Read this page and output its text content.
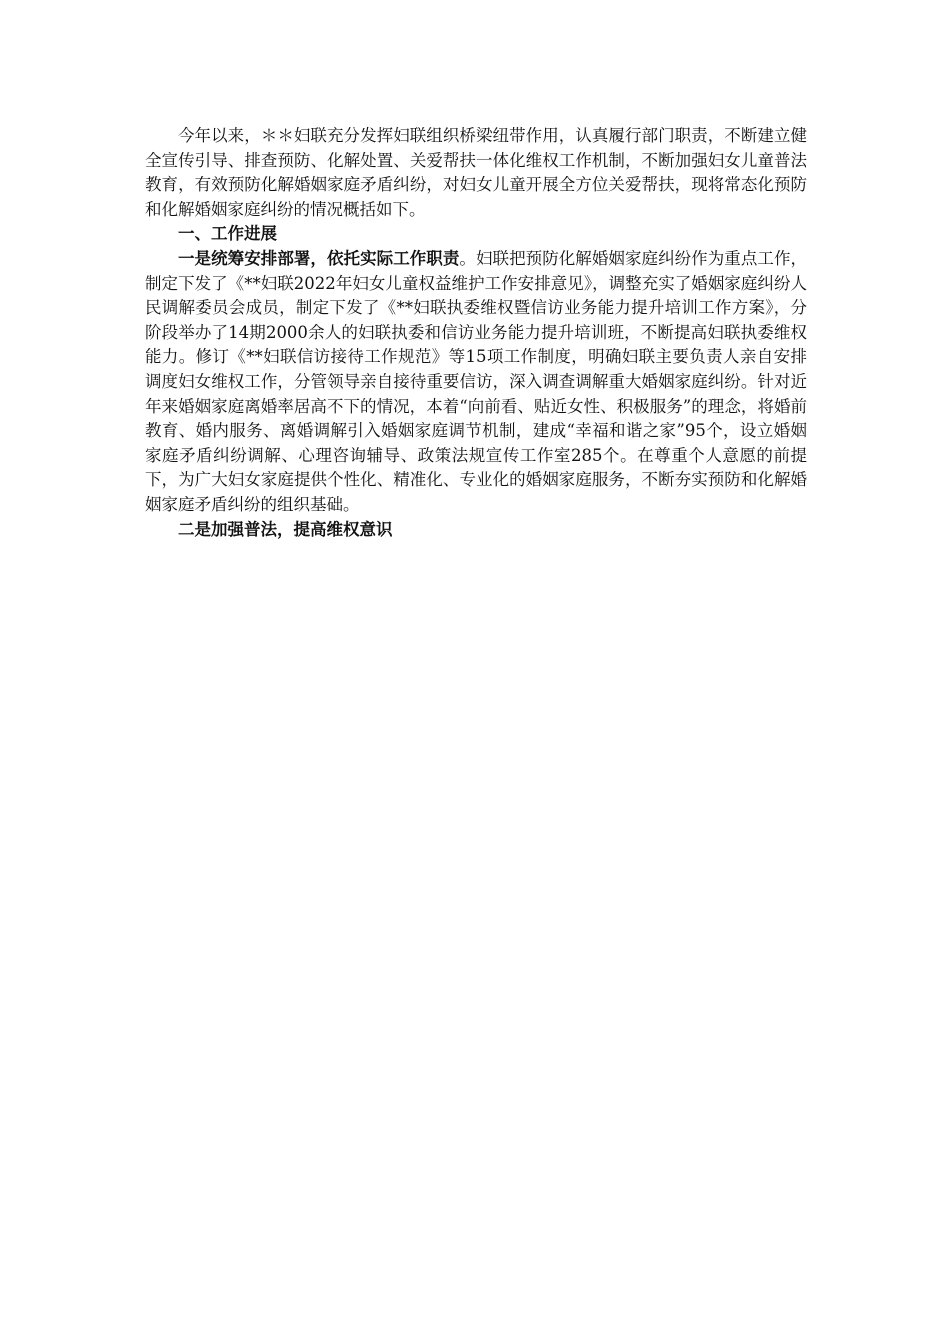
今年以来，＊＊妇联充分发挥妇联组织桥梁纽带作用，认真履行部门职责，不断建立健全宣传引导、排查预防、化解处置、关爱帮扶一体化维权工作机制，不断加强妇女儿童普法教育，有效预防化解婚姻家庭矛盾纠纷，对妇女儿童开展全方位关爱帮扶，现将常态化预防和化解婚姻家庭纠纷的情况概括如下。

一、工作进展

一是统筹安排部署，依托实际工作职责。妇联把预防化解婚姻家庭纠纷作为重点工作，制定下发了《**妇联2022年妇女儿童权益维护工作安排意见》，调整充实了婚姻家庭纠纷人民调解委员会成员，制定下发了《**妇联执委维权暨信访业务能力提升培训工作方案》，分阶段举办了14期2000余人的妇联执委和信访业务能力提升培训班，不断提高妇联执委维权能力。修订《**妇联信访接待工作规范》等15项工作制度，明确妇联主要负责人亲自安排调度妇女维权工作，分管领导亲自接待重要信访，深入调查调解重大婚姻家庭纠纷。针对近年来婚姻家庭离婚率居高不下的情况，本着“向前看、贴近女性、积极服务”的理念，将婚前教育、婚内服务、离婚调解引入婚姻家庭调节机制，建成“幸福和谐之家”95个，设立婚姻家庭矛盾纠纷调解、心理咨询辅导、政策法规宣传工作室285个。在尊重个人意愿的前提下，为广大妇女家庭提供个性化、精准化、专业化的婚姻家庭服务，不断夯实预防和化解婚姻家庭矛盾纠纷的组织基础。

二是加强普法，提高维权意识
